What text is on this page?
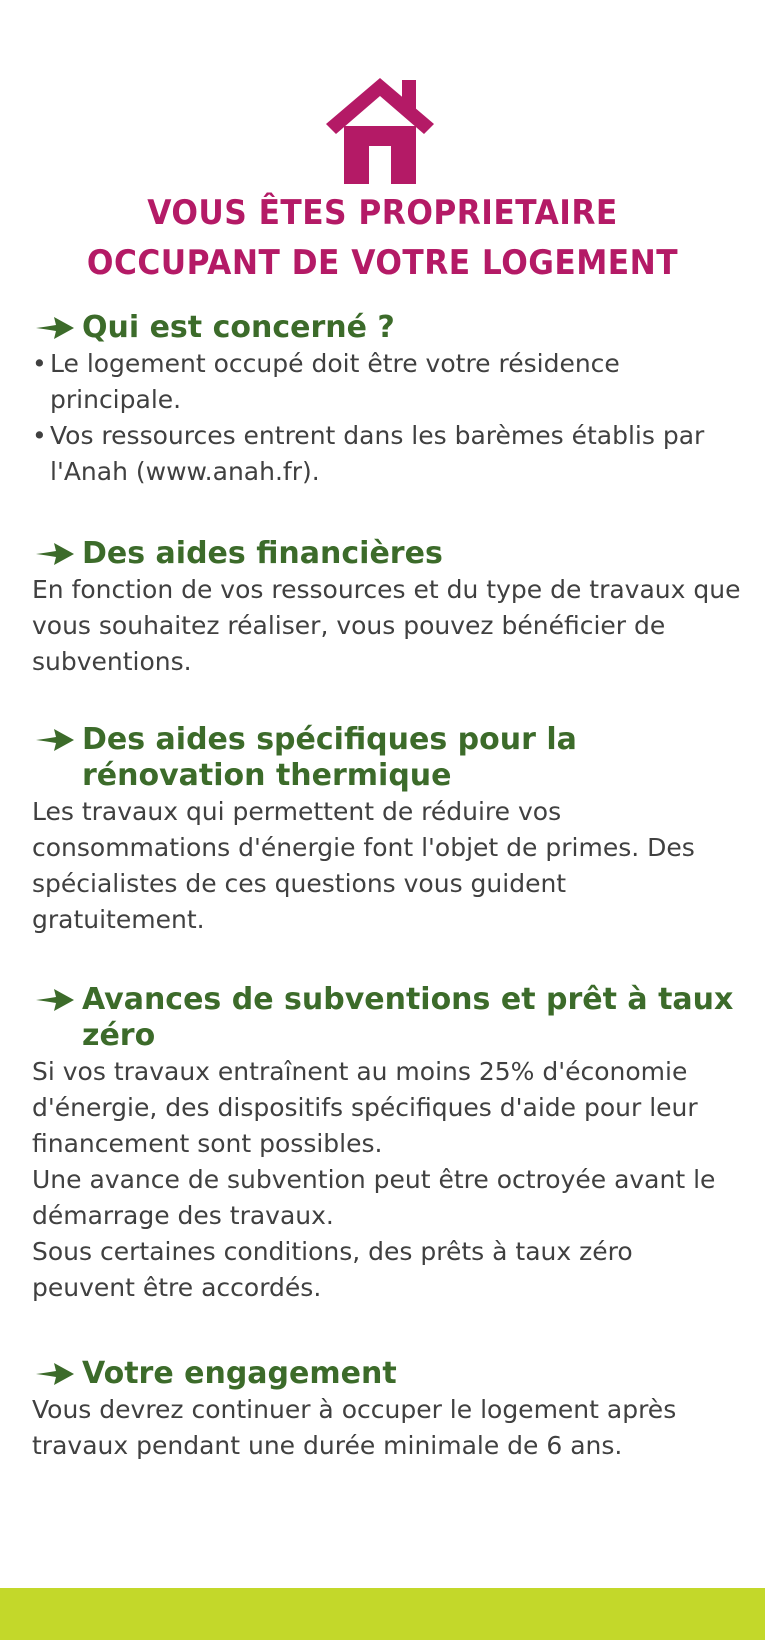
VOUS ÊTES PROPRIETAIRE
OCCUPANT DE VOTRE LOGEMENT
Qui est concerné ?
• Le logement occupé doit être votre résidence principale.
• Vos ressources entrent dans les barèmes établis par l'Anah (www.anah.fr).
Des aides financières

En fonction de vos ressources et du type de travaux que vous souhaitez réaliser, vous pouvez bénéficier de subventions.

Des aides spécifiques pour la rénovation thermique

Les travaux qui permettent de réduire vos consommations d'énergie font l'objet de primes. Des spécialistes de ces questions vous guident gratuitement.

Avances de subventions et prêt à taux zéro

Si vos travaux entraînent au moins 25% d'économie d'énergie, des dispositifs spécifiques d'aide pour leur financement sont possibles.

Une avance de subvention peut être octroyée avant le démarrage des travaux.

Sous certaines conditions, des prêts à taux zéro peuvent être accordés.

Votre engagement

Vous devrez continuer à occuper le logement après travaux pendant une durée minimale de 6 ans.
